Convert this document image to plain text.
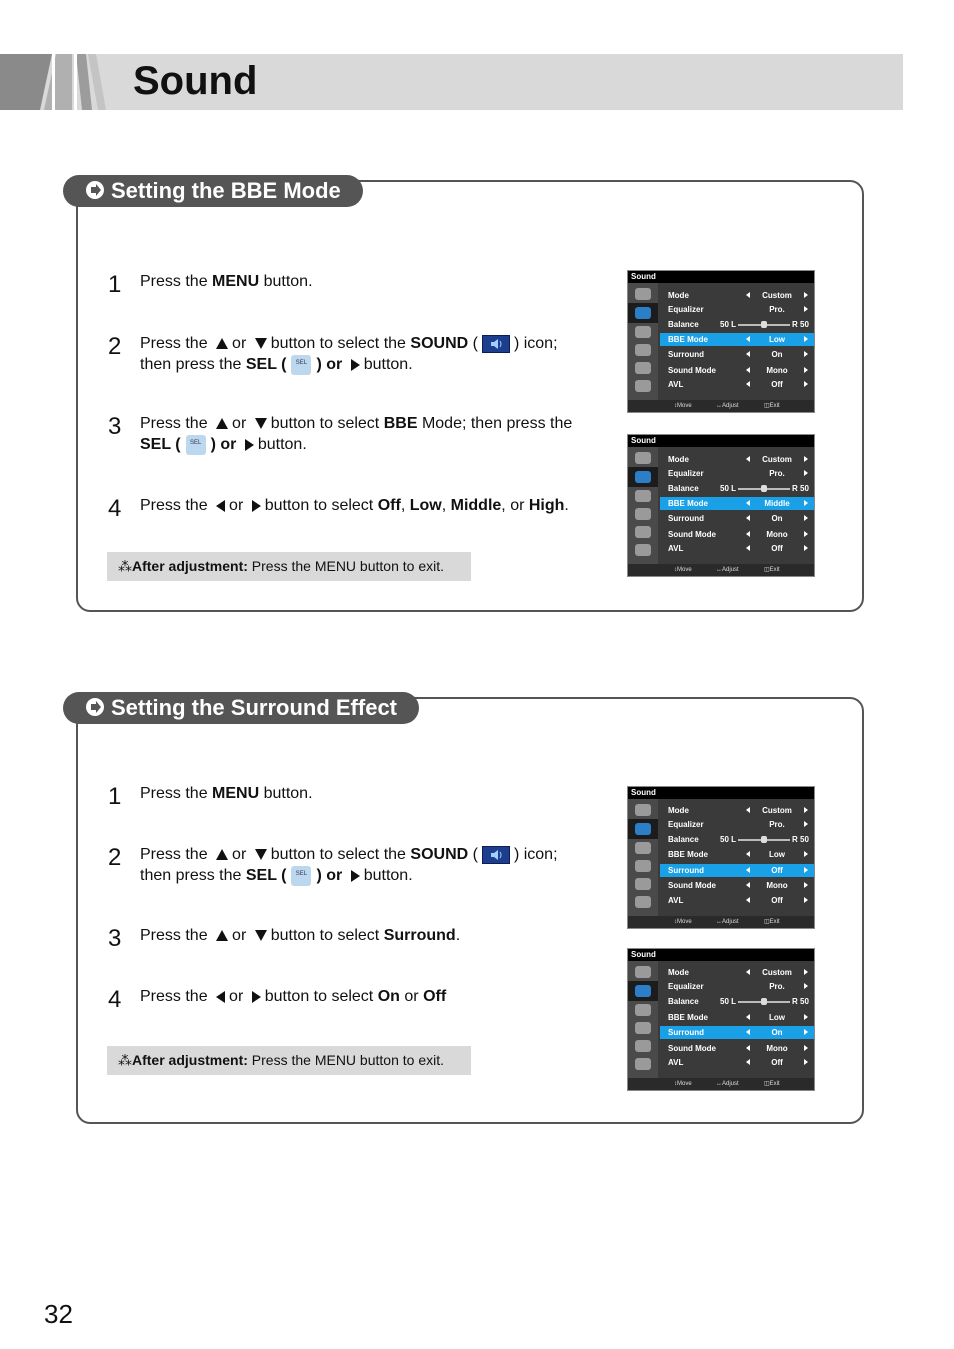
Sound
Setting the BBE Mode
1 Press the MENU button.
2 Press the or button to select the SOUND ( ) icon;
then press the SEL (	SEL ) or button.
3 Press the or button to select BBE Mode; then press the
SEL (	SEL ) or button.
4 Press the or button to select Off, Low, Middle, or High.
⁂After adjustment: Press the MENU button to exit.
Sound
Mode	Custom
Equalizer	Pro.
Balance	50 L	R 50
BBE Mode	Low
Surround	On
Sound Mode	Mono
AVL	Off
↕ Move	↔ Adjust	◫ Exit
Sound
Mode	Custom
Equalizer	Pro.
Balance	50 L	R 50
BBE Mode	Middle
Surround	On
Sound Mode	Mono
AVL	Off
↕ Move	↔ Adjust	◫ Exit
Setting the Surround Effect
1 Press the MENU button.
2 Press the or button to select the SOUND ( ) icon;
then press the SEL (	SEL ) or button.
3 Press the or button to select Surround.
4 Press the or button to select On or Off
⁂After adjustment: Press the MENU button to exit.
Sound
Mode	Custom
Equalizer	Pro.
Balance	50 L	R 50
BBE Mode	Low
Surround	Off
Sound Mode	Mono
AVL	Off
↕ Move	↔ Adjust	◫ Exit
Sound
Mode	Custom
Equalizer	Pro.
Balance	50 L	R 50
BBE Mode	Low
Surround	On
Sound Mode	Mono
AVL	Off
↕ Move	↔ Adjust	◫ Exit
32
